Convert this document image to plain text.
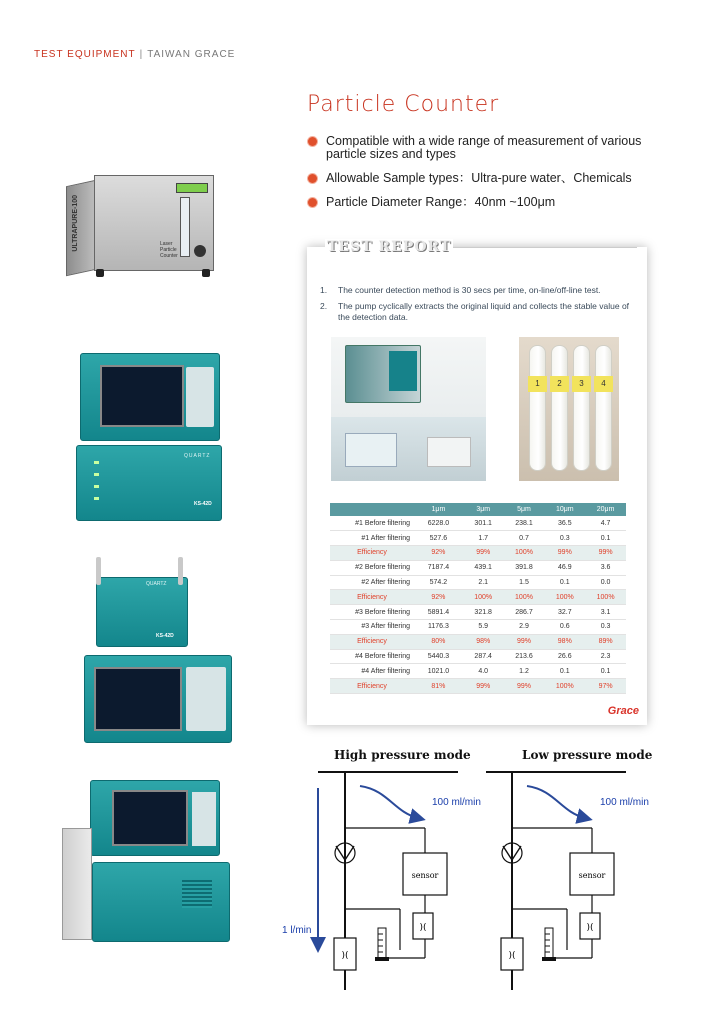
TEST EQUIPMENT | TAIWAN GRACE
Particle Counter
Compatible with a wide range of measurement of various particle sizes and types
Allowable Sample types：Ultra-pure water、Chemicals
Particle Diameter Range：40nm ~100μm
ULTRAPURE-100	Laser Particle Counter
QUARTZ
KS-42D
QUARTZ
KS-42D
TEST REPORT
1. The counter detection method is 30 secs per time, on-line/off-line test.
2. The pump cyclically extracts the original liquid and collects the stable value of the detection data.
1	2	3	4
	1μm	3μm	5μm	10μm	20μm
#1 Before filtering	6228.0	301.1	238.1	36.5	4.7
#1 After filtering	527.6	1.7	0.7	0.3	0.1
Efficiency	92%	99%	100%	99%	99%
#2 Before filtering	7187.4	439.1	391.8	46.9	3.6
#2 After filtering	574.2	2.1	1.5	0.1	0.0
Efficiency	92%	100%	100%	100%	100%
#3 Before filtering	5891.4	321.8	286.7	32.7	3.1
#3 After filtering	1176.3	5.9	2.9	0.6	0.3
Efficiency	80%	98%	99%	98%	89%
#4 Before filtering	5440.3	287.4	213.6	26.6	2.3
#4 After filtering	1021.0	4.0	1.2	0.1	0.1
Efficiency	81%	99%	99%	100%	97%
Grace
High pressure mode	Low pressure mode
100 ml/min	100 ml/min
1 l/min
sensor
)(
)(
sensor
)(
)(
